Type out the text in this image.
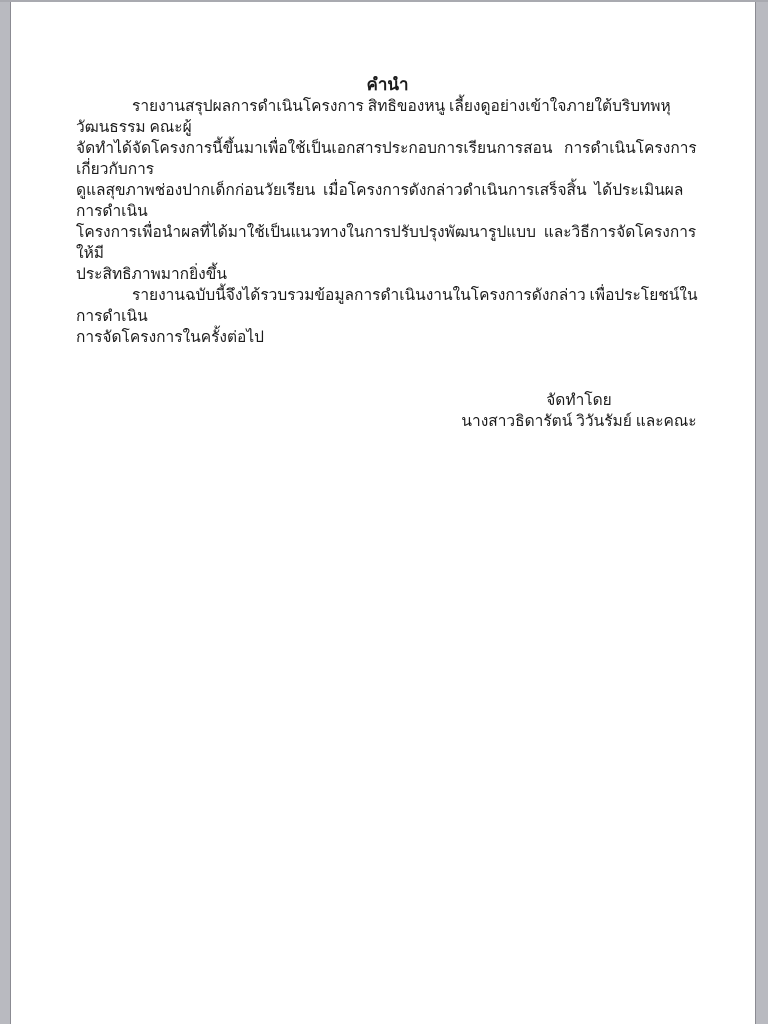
คำนำ
รายงานสรุปผลการดำเนินโครงการ สิทธิของหนู เลี้ยงดูอย่างเข้าใจภายใต้บริบทพหุวัฒนธรรม คณะผู้
จัดทำได้จัดโครงการนี้ขึ้นมาเพื่อใช้เป็นเอกสารประกอบการเรียนการสอน   การดำเนินโครงการเกี่ยวกับการ
ดูแลสุขภาพช่องปากเด็กก่อนวัยเรียน  เมื่อโครงการดังกล่าวดำเนินการเสร็จสิ้น  ได้ประเมินผลการดำเนิน
โครงการเพื่อนำผลที่ได้มาใช้เป็นแนวทางในการปรับปรุงพัฒนารูปแบบ  และวิธีการจัดโครงการให้มี
ประสิทธิภาพมากยิ่งขึ้น
รายงานฉบับนี้จึงได้รวบรวมข้อมูลการดำเนินงานในโครงการดังกล่าว เพื่อประโยชน์ในการดำเนิน
การจัดโครงการในครั้งต่อไป
จัดทำโดย
นางสาวธิดารัตน์ วิวันรัมย์ และคณะ
